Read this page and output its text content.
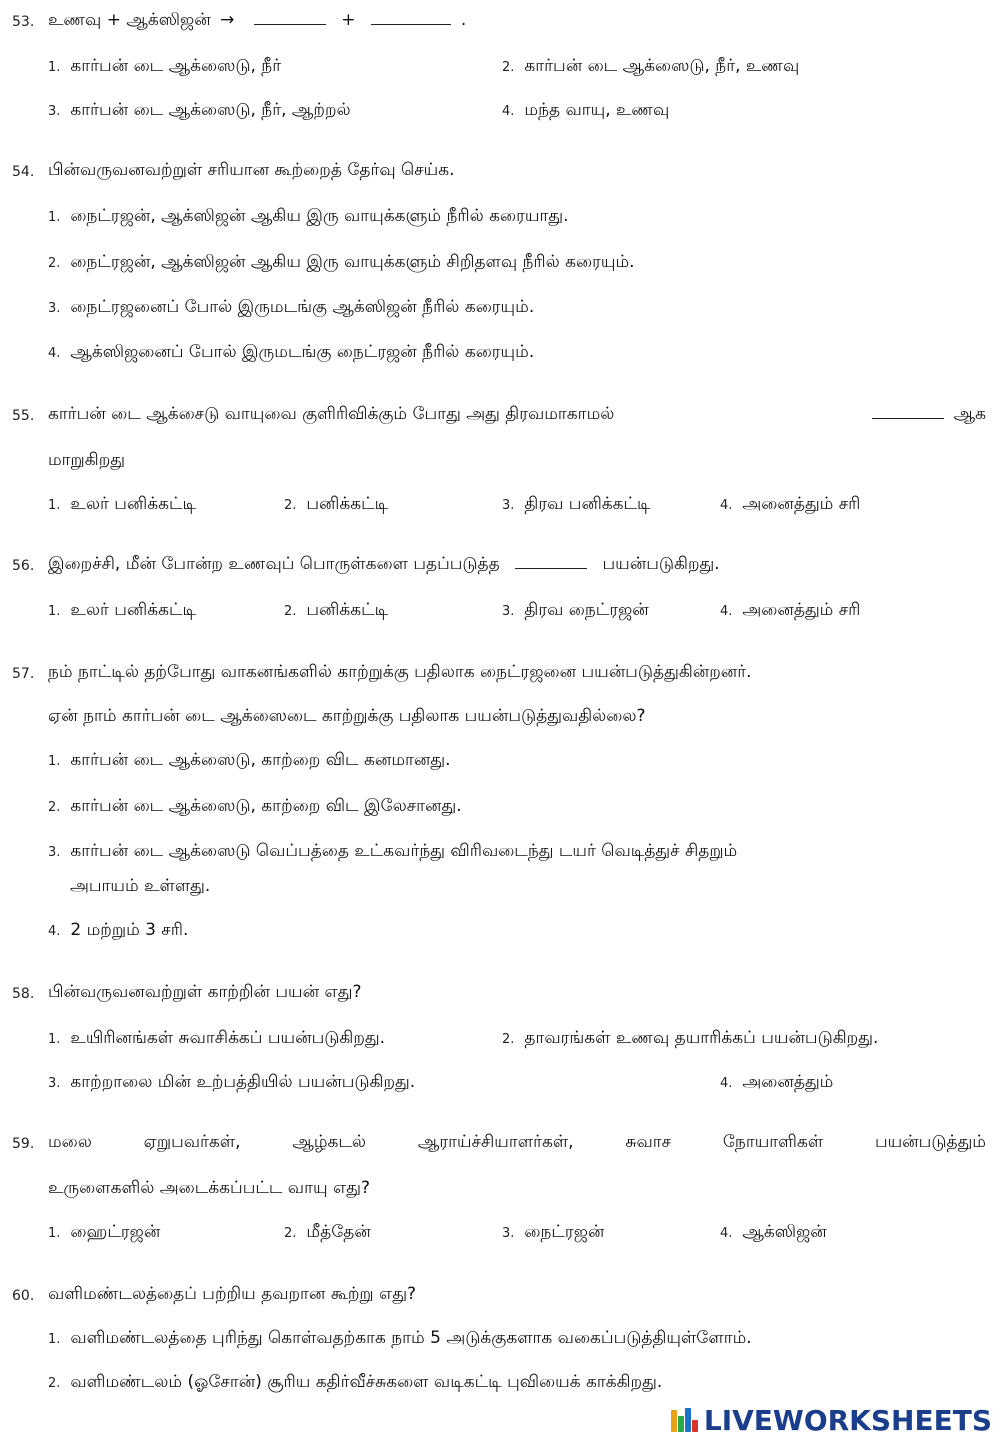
53. உணவு + ஆக்ஸிஜன் →	+	.
1. கார்பன் டை ஆக்ஸைடு, நீர்	2. கார்பன் டை ஆக்ஸைடு, நீர், உணவு
3. கார்பன் டை ஆக்ஸைடு, நீர், ஆற்றல்	4. மந்த வாயு, உணவு
54. பின்வருவனவற்றுள் சரியான கூற்றைத் தேர்வு செய்க.
1. நைட்ரஜன், ஆக்ஸிஜன் ஆகிய இரு வாயுக்களும் நீரில் கரையாது.
2. நைட்ரஜன், ஆக்ஸிஜன் ஆகிய இரு வாயுக்களும் சிறிதளவு நீரில் கரையும்.
3. நைட்ரஜனைப் போல் இருமடங்கு ஆக்ஸிஜன் நீரில் கரையும்.
4. ஆக்ஸிஜனைப் போல் இருமடங்கு நைட்ரஜன் நீரில் கரையும்.
55. கார்பன் டை ஆக்சைடு வாயுவை குளிரிவிக்கும் போது அது திரவமாகாமல்	ஆக
மாறுகிறது
1. உலர் பனிக்கட்டி	2. பனிக்கட்டி	3. திரவ பனிக்கட்டி	4. அனைத்தும் சரி
56. இறைச்சி, மீன் போன்ற உணவுப் பொருள்களை பதப்படுத்த	பயன்படுகிறது.
1. உலர் பனிக்கட்டி	2. பனிக்கட்டி	3. திரவ நைட்ரஜன்	4. அனைத்தும் சரி
57. நம் நாட்டில் தற்போது வாகனங்களில் காற்றுக்கு பதிலாக நைட்ரஜனை பயன்படுத்துகின்றனர்.
ஏன் நாம் கார்பன் டை ஆக்ஸைடை காற்றுக்கு பதிலாக பயன்படுத்துவதில்லை?
1. கார்பன் டை ஆக்ஸைடு, காற்றை விட கனமானது.
2. கார்பன் டை ஆக்ஸைடு, காற்றை விட இலேசானது.
3. கார்பன் டை ஆக்ஸைடு வெப்பத்தை உட்கவர்ந்து விரிவடைந்து டயர் வெடித்துச் சிதறும்
அபாயம் உள்ளது.
4. 2 மற்றும் 3 சரி.
58. பின்வருவனவற்றுள் காற்றின் பயன் எது?
1. உயிரினங்கள் சுவாசிக்கப் பயன்படுகிறது.	2. தாவரங்கள் உணவு தயாரிக்கப் பயன்படுகிறது.
3. காற்றாலை மின் உற்பத்தியில் பயன்படுகிறது.	4. அனைத்தும்
59. மலை ஏறுபவர்கள், ஆழ்கடல் ஆராய்ச்சியாளர்கள், சுவாச நோயாளிகள் பயன்படுத்தும்
உருளைகளில் அடைக்கப்பட்ட வாயு எது?
1. ஹைட்ரஜன்	2. மீத்தேன்	3. நைட்ரஜன்	4. ஆக்ஸிஜன்
60. வளிமண்டலத்தைப் பற்றிய தவறான கூற்று எது?
1. வளிமண்டலத்தை புரிந்து கொள்வதற்காக நாம் 5 அடுக்குகளாக வகைப்படுத்தியுள்ளோம்.
2. வளிமண்டலம் (ஓசோன்) சூரிய கதிர்வீச்சுகளை வடிகட்டி புவியைக் காக்கிறது.
LIVEWORKSHEETS
